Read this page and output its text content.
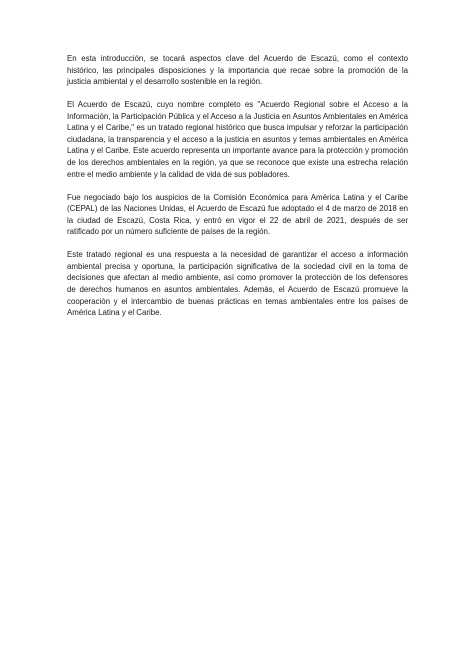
En esta introducción, se tocará aspectos clave del Acuerdo de Escazú, como el contexto histórico, las principales disposiciones y la importancia que recae sobre la promoción de la justicia ambiental y el desarrollo sostenible en la región.

El Acuerdo de Escazú, cuyo nombre completo es "Acuerdo Regional sobre el Acceso a la Información, la Participación Pública y el Acceso a la Justicia en Asuntos Ambientales en América Latina y el Caribe," es un tratado regional histórico que busca impulsar y reforzar la participación ciudadana, la transparencia y el acceso a la justicia en asuntos y temas ambientales en América Latina y el Caribe. Este acuerdo representa un importante avance para la protección y promoción de los derechos ambientales en la región, ya que se reconoce que existe una estrecha relación entre el medio ambiente y la calidad de vida de sus pobladores.

Fue negociado bajo los auspicios de la Comisión Económica para América Latina y el Caribe (CEPAL) de las Naciones Unidas, el Acuerdo de Escazú fue adoptado el 4 de marzo de 2018 en la ciudad de Escazú, Costa Rica, y entró en vigor el 22 de abril de 2021, después de ser ratificado por un número suficiente de países de la región.

Este tratado regional es una respuesta a la necesidad de garantizar el acceso a información ambiental precisa y oportuna, la participación significativa de la sociedad civil en la toma de decisiones que afectan al medio ambiente, así como promover la protección de los defensores de derechos humanos en asuntos ambientales. Además, el Acuerdo de Escazú promueve la cooperación y el intercambio de buenas prácticas en temas ambientales entre los países de América Latina y el Caribe.
